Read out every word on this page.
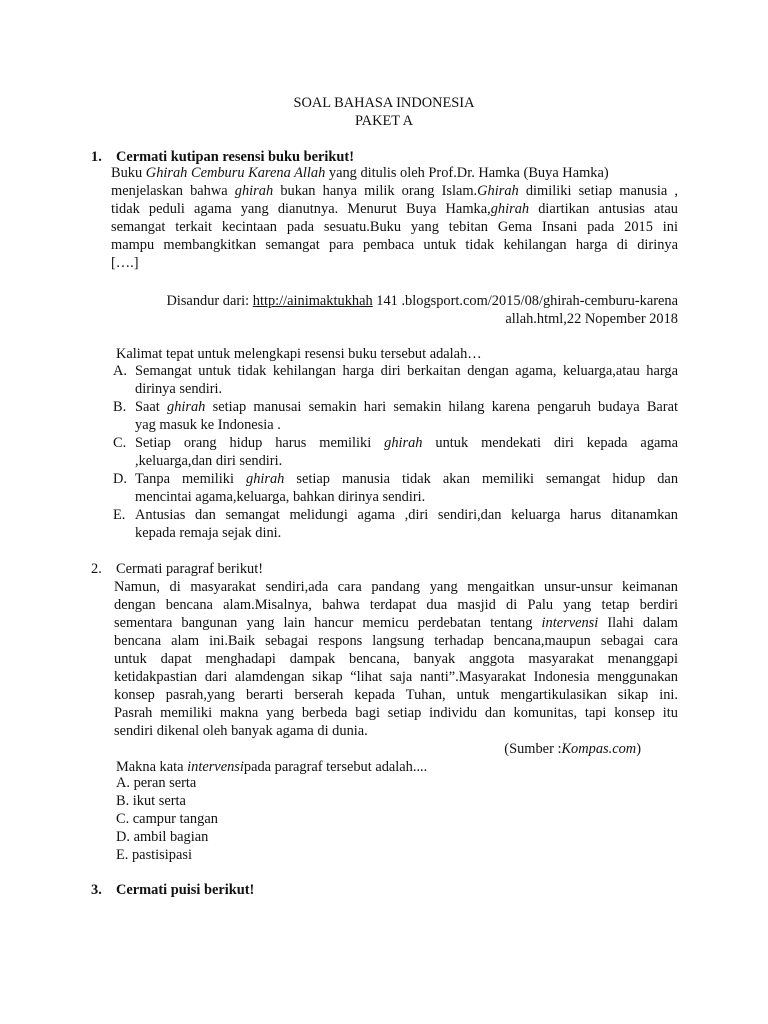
SOAL BAHASA INDONESIA
PAKET A
1. Cermati kutipan resensi buku berikut!
Buku Ghirah Cemburu Karena Allah yang ditulis oleh Prof.Dr. Hamka (Buya Hamka)
menjelaskan bahwa ghirah bukan hanya milik orang Islam.Ghirah dimiliki setiap manusia ,
tidak peduli agama yang dianutnya. Menurut Buya Hamka,ghirah diartikan antusias atau
semangat terkait kecintaan pada sesuatu.Buku yang tebitan Gema Insani pada 2015 ini
mampu membangkitkan semangat para pembaca untuk tidak kehilangan harga di dirinya
[….]
Disandur dari: http://ainimaktukhah 141 .blogsport.com/2015/08/ghirah-cemburu-karena
allah.html,22 Nopember 2018
Kalimat tepat untuk melengkapi resensi buku tersebut adalah…
A. Semangat untuk tidak kehilangan harga diri berkaitan dengan agama, keluarga,atau harga
dirinya sendiri.
B. Saat ghirah setiap manusai semakin hari semakin hilang karena pengaruh budaya Barat
yag masuk ke Indonesia .
C. Setiap orang hidup harus memiliki ghirah untuk mendekati diri kepada agama
,keluarga,dan diri sendiri.
D. Tanpa memiliki ghirah setiap manusia tidak akan memiliki semangat hidup dan
mencintai agama,keluarga, bahkan dirinya sendiri.
E. Antusias dan semangat melidungi agama ,diri sendiri,dan keluarga harus ditanamkan
kepada remaja sejak dini.
2. Cermati paragraf berikut!
Namun, di masyarakat sendiri,ada cara pandang yang mengaitkan unsur-unsur keimanan
dengan bencana alam.Misalnya, bahwa terdapat dua masjid di Palu yang tetap berdiri
sementara bangunan yang lain hancur memicu perdebatan tentang intervensi Ilahi dalam
bencana alam ini.Baik sebagai respons langsung terhadap bencana,maupun sebagai cara
untuk dapat menghadapi dampak bencana, banyak anggota masyarakat menanggapi
ketidakpastian dari alamdengan sikap “lihat saja nanti”.Masyarakat Indonesia menggunakan
konsep pasrah,yang berarti berserah kepada Tuhan, untuk mengartikulasikan sikap ini.
Pasrah memiliki makna yang berbeda bagi setiap individu dan komunitas, tapi konsep itu
sendiri dikenal oleh banyak agama di dunia.
(Sumber :Kompas.com)
Makna kata intervensipada paragraf tersebut adalah....
A. peran serta
B. ikut serta
C. campur tangan
D. ambil bagian
E. pastisipasi
3. Cermati puisi berikut!
